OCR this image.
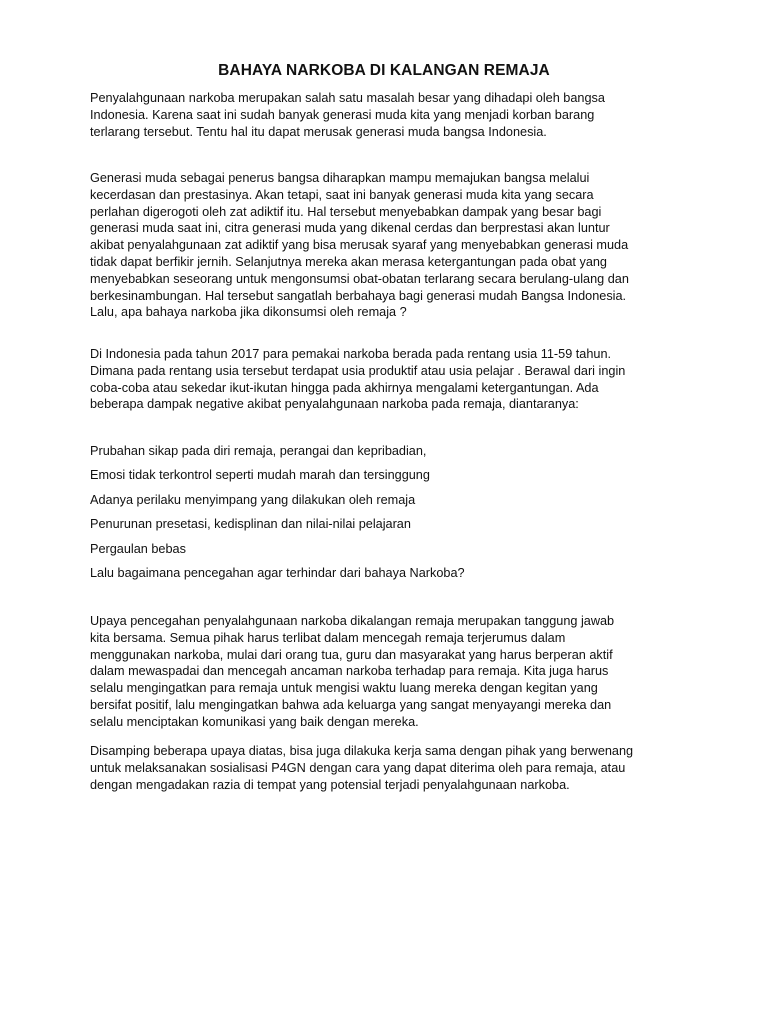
BAHAYA NARKOBA DI KALANGAN REMAJA

Penyalahgunaan narkoba merupakan salah satu masalah besar yang dihadapi oleh bangsa
Indonesia. Karena saat ini sudah banyak generasi muda kita yang menjadi korban barang
terlarang tersebut. Tentu hal itu dapat merusak generasi muda bangsa Indonesia.

Generasi muda sebagai penerus bangsa diharapkan mampu memajukan bangsa melalui
kecerdasan dan prestasinya. Akan tetapi, saat ini banyak generasi muda kita yang secara
perlahan digerogoti oleh zat adiktif itu. Hal tersebut menyebabkan dampak yang besar bagi
generasi muda saat ini, citra generasi muda yang dikenal cerdas dan berprestasi akan luntur
akibat penyalahgunaan zat adiktif yang bisa merusak syaraf yang menyebabkan generasi muda
tidak dapat berfikir jernih. Selanjutnya mereka akan merasa ketergantungan pada obat yang
menyebabkan seseorang untuk mengonsumsi obat-obatan terlarang secara berulang-ulang dan
berkesinambungan. Hal tersebut sangatlah berbahaya bagi generasi mudah Bangsa Indonesia.
Lalu, apa bahaya narkoba jika dikonsumsi oleh remaja ?

Di Indonesia pada tahun 2017 para pemakai narkoba berada pada rentang usia 11-59 tahun.
Dimana pada rentang usia tersebut terdapat usia produktif atau usia pelajar . Berawal dari ingin
coba-coba atau sekedar ikut-ikutan hingga pada akhirnya mengalami ketergantungan. Ada
beberapa dampak negative akibat penyalahgunaan narkoba pada remaja, diantaranya:

Prubahan sikap pada diri remaja, perangai dan kepribadian,
Emosi tidak terkontrol seperti mudah marah dan tersinggung
Adanya perilaku menyimpang yang dilakukan oleh remaja
Penurunan presetasi, kedisplinan dan nilai-nilai pelajaran
Pergaulan bebas
Lalu bagaimana pencegahan agar terhindar dari bahaya Narkoba?

Upaya pencegahan penyalahgunaan narkoba dikalangan remaja merupakan tanggung jawab
kita bersama. Semua pihak harus terlibat dalam mencegah remaja terjerumus dalam
menggunakan narkoba, mulai dari orang tua, guru dan masyarakat yang harus berperan aktif
dalam mewaspadai dan mencegah ancaman narkoba terhadap para remaja. Kita juga harus
selalu mengingatkan para remaja untuk mengisi waktu luang mereka dengan kegitan yang
bersifat positif, lalu mengingatkan bahwa ada keluarga yang sangat menyayangi mereka dan
selalu menciptakan komunikasi yang baik dengan mereka.

Disamping beberapa upaya diatas, bisa juga dilakuka kerja sama dengan pihak yang berwenang
untuk melaksanakan sosialisasi P4GN dengan cara yang dapat diterima oleh para remaja, atau
dengan mengadakan razia di tempat yang potensial terjadi penyalahgunaan narkoba.
